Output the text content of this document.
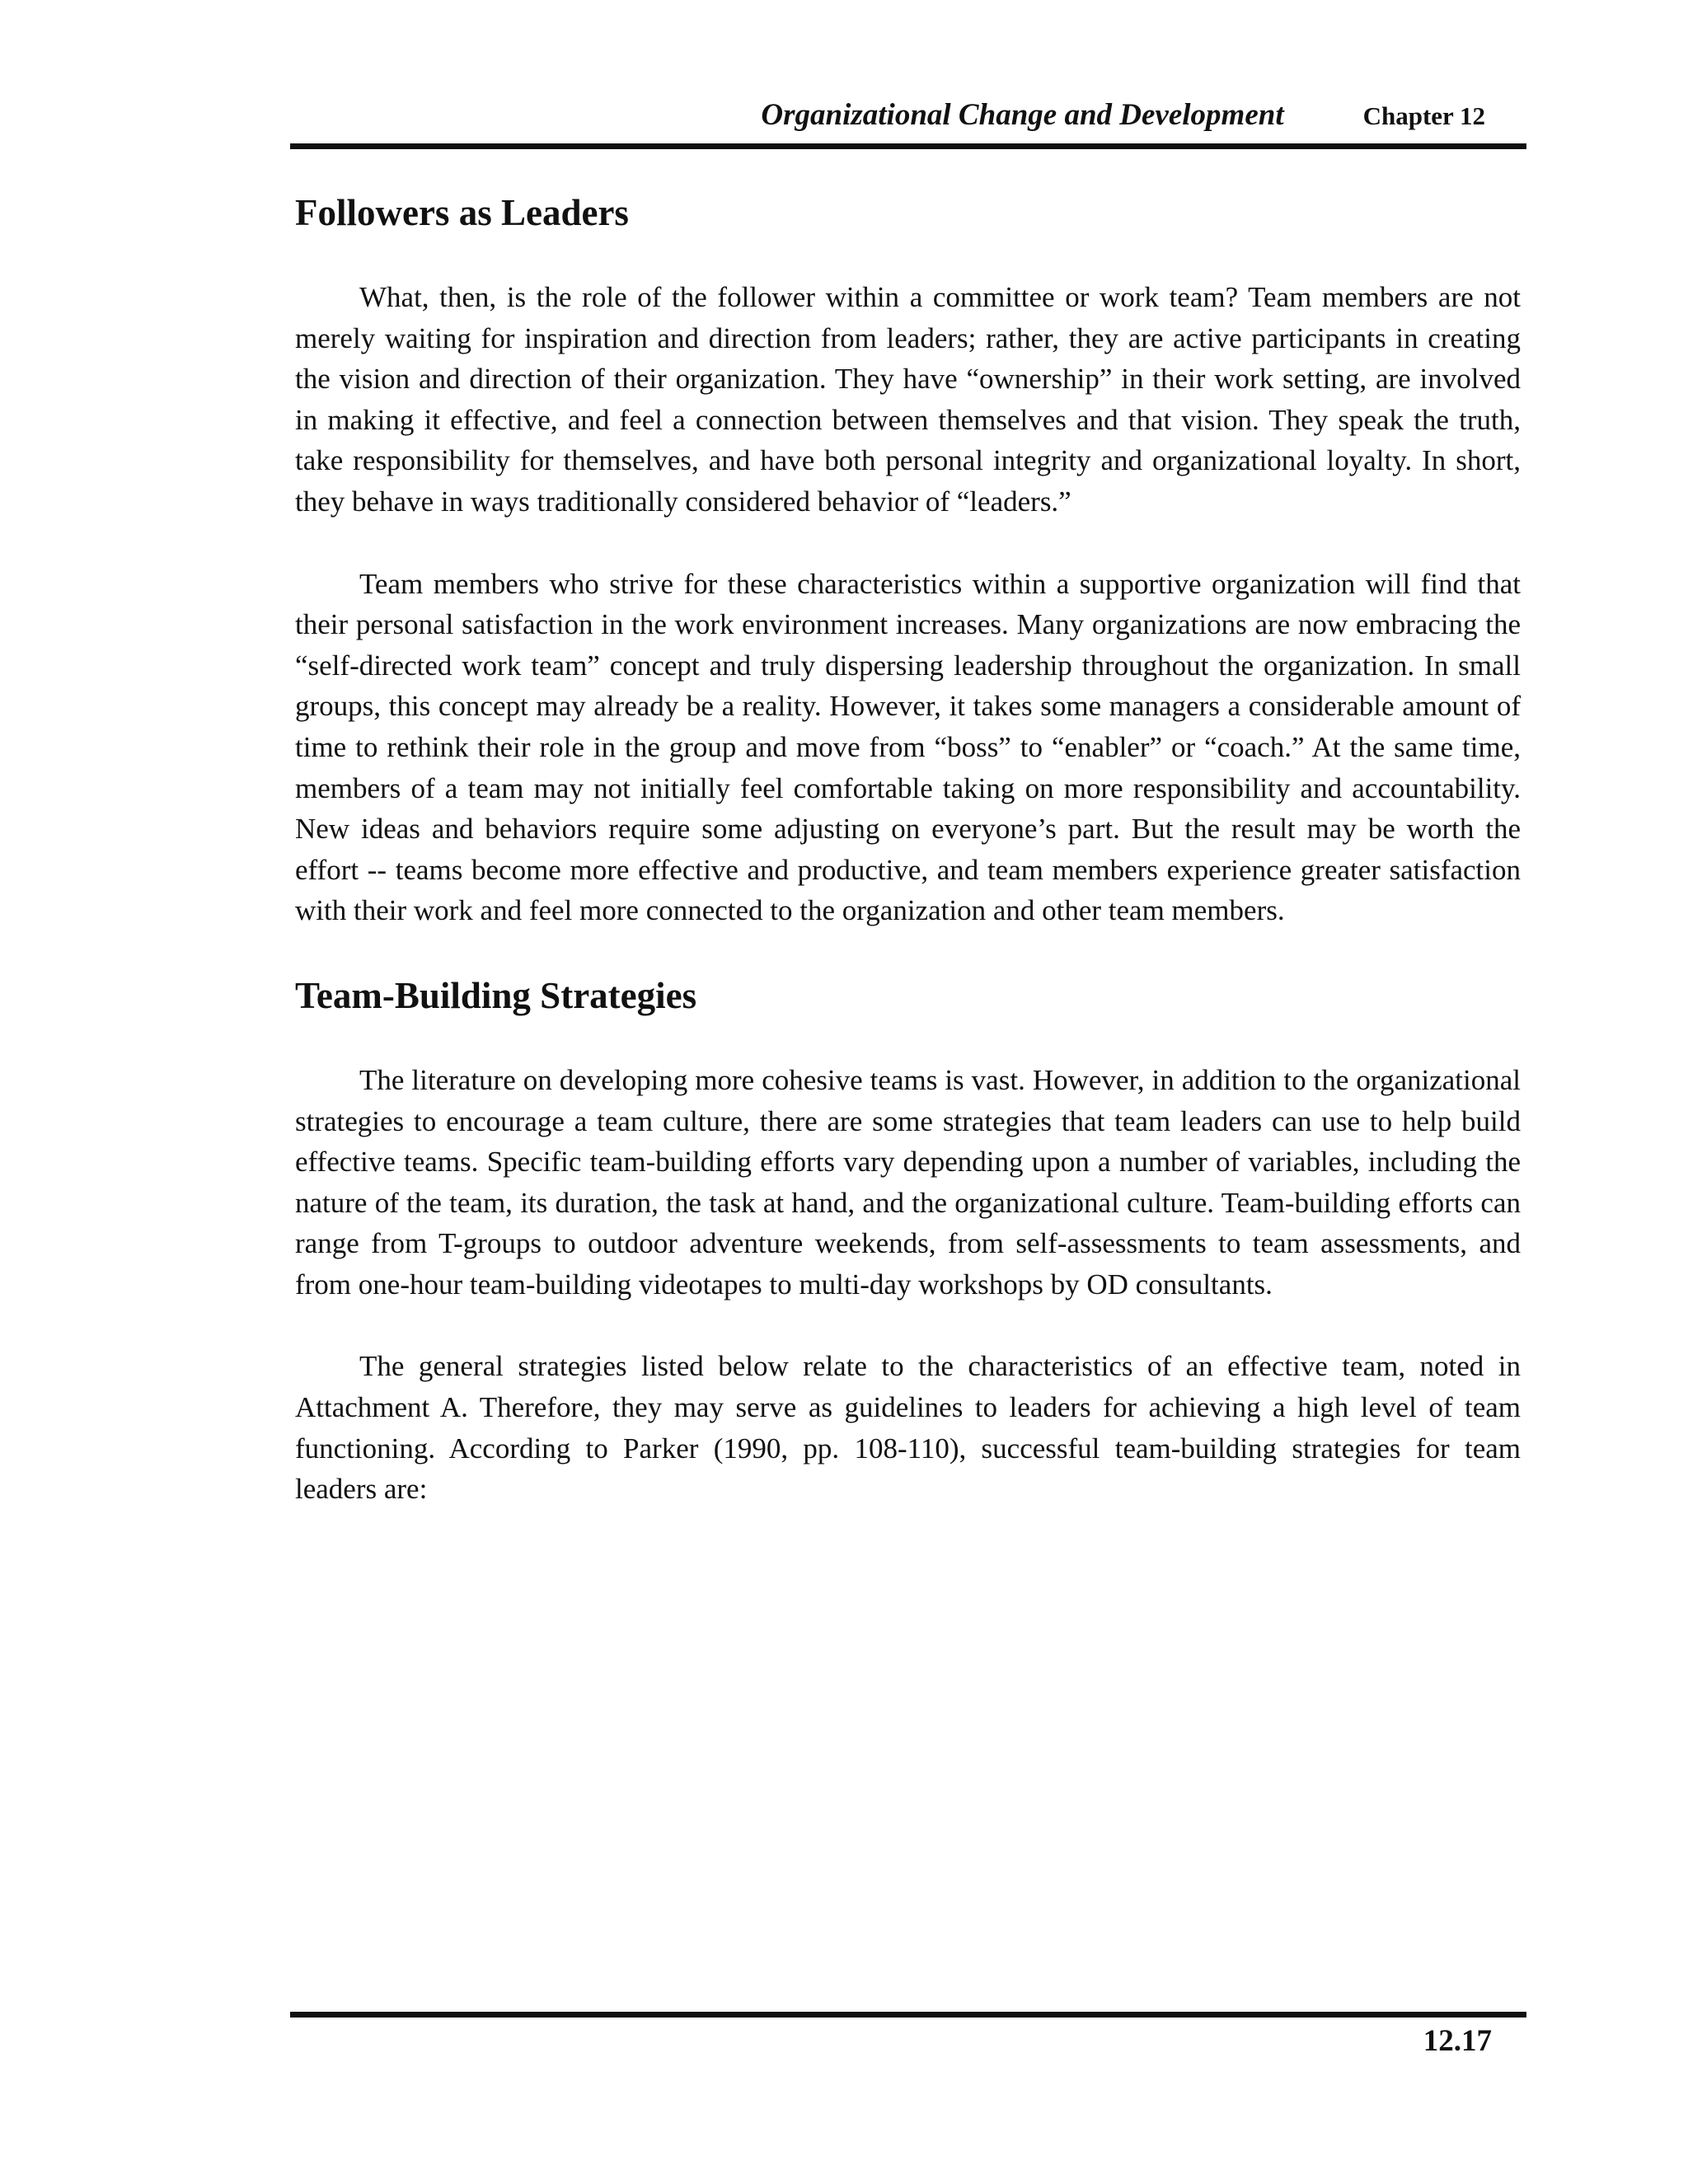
Organizational Change and Development	Chapter 12
Followers as Leaders

What, then, is the role of the follower within a committee or work team? Team members are not merely waiting for inspiration and direction from leaders; rather, they are active participants in creating the vision and direction of their organization. They have “ownership” in their work setting, are involved in making it effective, and feel a connection between themselves and that vision. They speak the truth, take responsibility for themselves, and have both personal integrity and organizational loyalty. In short, they behave in ways traditionally considered behavior of “leaders.”

Team members who strive for these characteristics within a supportive organization will find that their personal satisfaction in the work environment increases. Many organizations are now embracing the “self-directed work team” concept and truly dispersing leadership throughout the organization. In small groups, this concept may already be a reality. However, it takes some managers a considerable amount of time to rethink their role in the group and move from “boss” to “enabler” or “coach.” At the same time, members of a team may not initially feel comfortable taking on more responsibility and accountability. New ideas and behaviors require some adjusting on everyone’s part. But the result may be worth the effort -- teams become more effective and productive, and team members experience greater satisfaction with their work and feel more connected to the organization and other team members.

Team-Building Strategies

The literature on developing more cohesive teams is vast. However, in addition to the organizational strategies to encourage a team culture, there are some strategies that team leaders can use to help build effective teams. Specific team-building efforts vary depending upon a number of variables, including the nature of the team, its duration, the task at hand, and the organizational culture. Team-building efforts can range from T-groups to outdoor adventure weekends, from self-assessments to team assessments, and from one-hour team-building videotapes to multi-day workshops by OD consultants.

The general strategies listed below relate to the characteristics of an effective team, noted in Attachment A. Therefore, they may serve as guidelines to leaders for achieving a high level of team functioning. According to Parker (1990, pp. 108-110), successful team-building strategies for team leaders are:

12.17
